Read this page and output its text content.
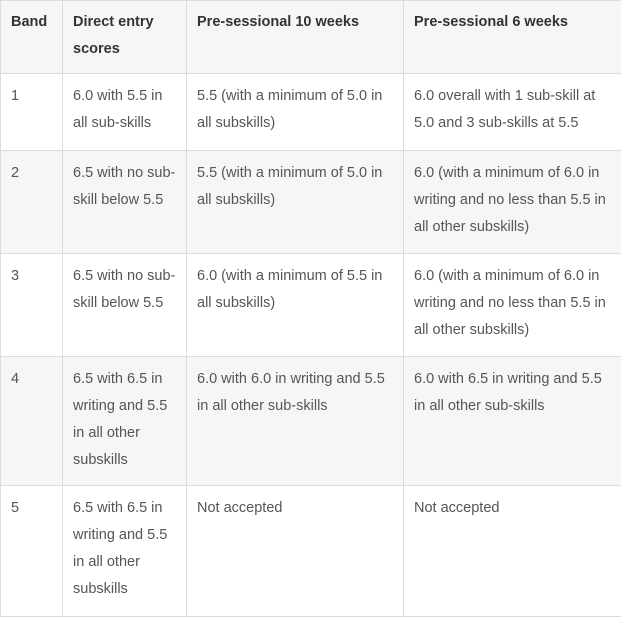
Band	Direct entry scores	Pre-sessional 10 weeks	Pre-sessional 6 weeks
1	6.0 with 5.5 in all sub-skills	5.5 (with a minimum of 5.0 in all subskills)	6.0 overall with 1 sub-skill at 5.0 and 3 sub-skills at 5.5
2	6.5 with no sub-skill below 5.5	5.5 (with a minimum of 5.0 in all subskills)	6.0 (with a minimum of 6.0 in writing and no less than 5.5 in all other subskills)
3	6.5 with no sub-skill below 5.5	6.0 (with a minimum of 5.5 in all subskills)	6.0 (with a minimum of 6.0 in writing and no less than 5.5 in all other subskills)
4	6.5 with 6.5 in writing and 5.5 in all other subskills	6.0 with 6.0 in writing and 5.5 in all other sub-skills	6.0 with 6.5 in writing and 5.5 in all other sub-skills
5	6.5 with 6.5 in writing and 5.5 in all other subskills	Not accepted	Not accepted
